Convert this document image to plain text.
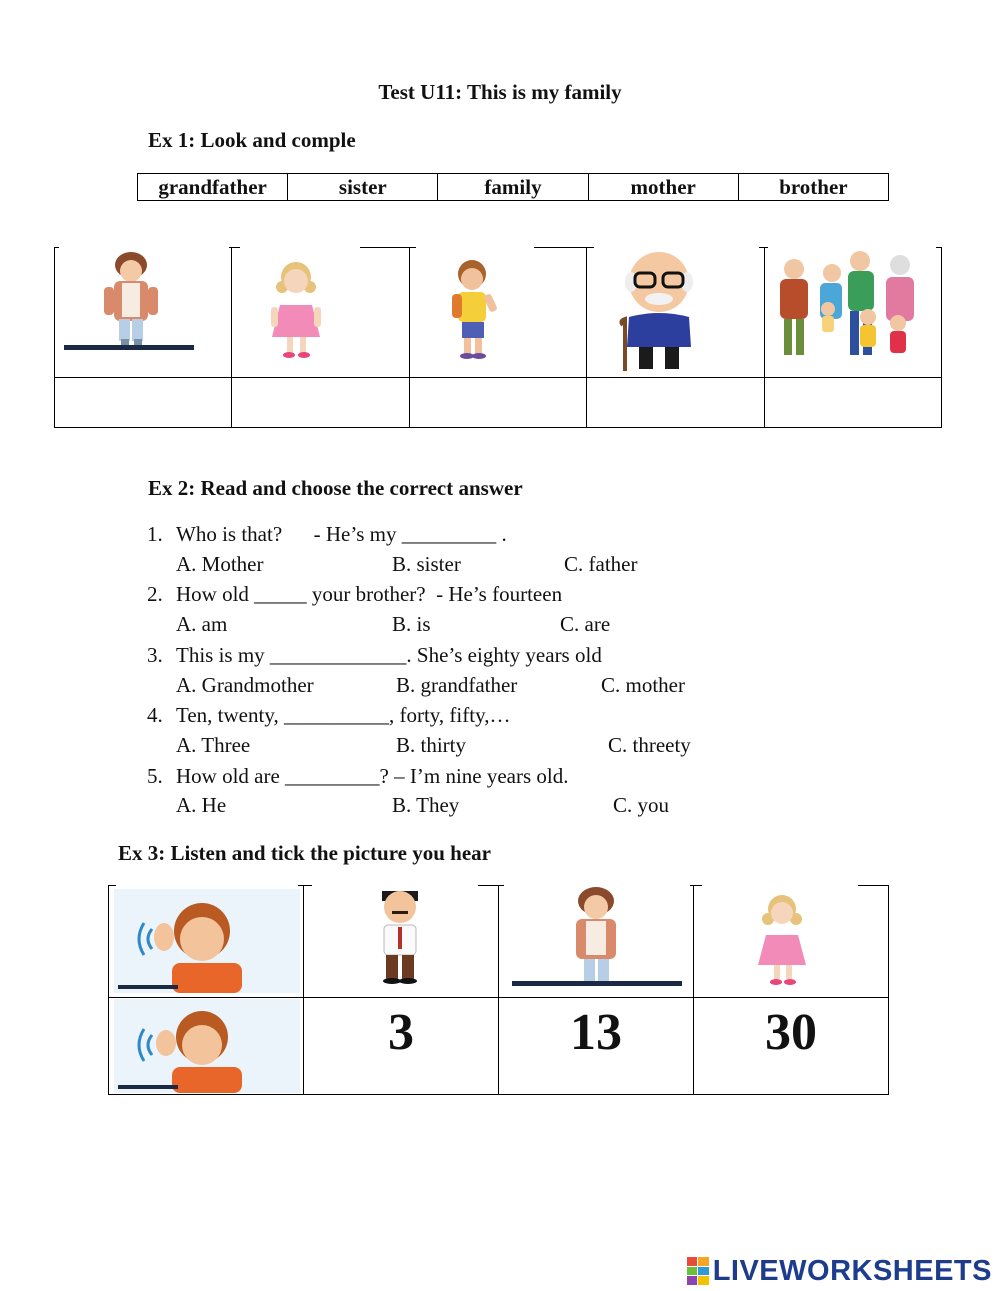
Test U11: This is my family
Ex 1: Look and comple
grandfather	sister	family	mother	brother
Ex 2: Read and choose the correct answer
1. Who is that?      - He’s my _________ .
A. Mother	B. sister	C. father
2. How old _____ your brother?  - He’s fourteen
A. am	B. is	C. are
3. This is my _____________. She’s eighty years old
A. Grandmother	B. grandfather	C. mother
4. Ten, twenty, __________, forty, fifty,…
A. Three	B. thirty	C. threety
5. How old are _________? – I’m nine years old.
A. He	B. They	C. you
Ex 3: Listen and tick the picture you hear
3	13	30
LIVEWORKSHEETS
